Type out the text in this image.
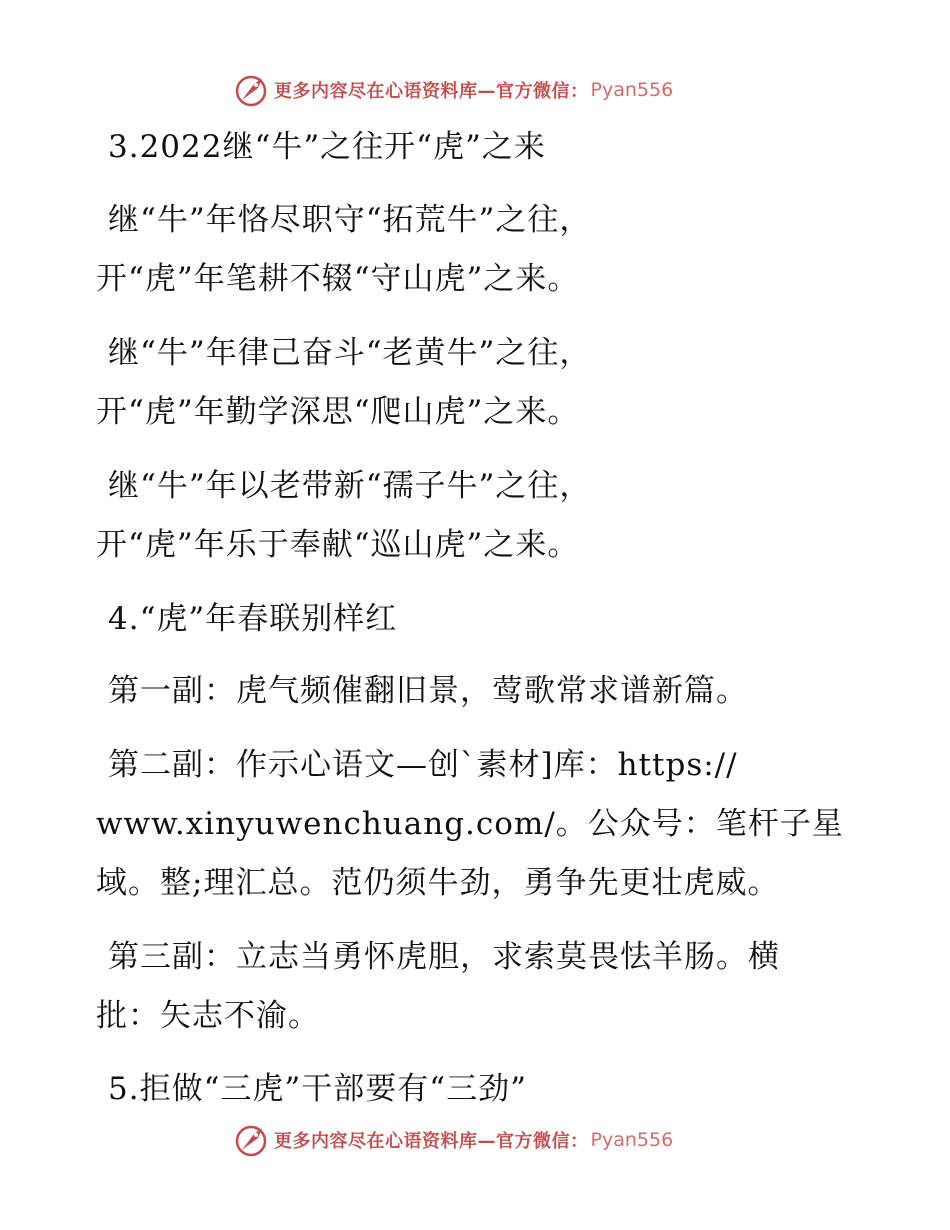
更多内容尽在心语资料库—官方微信： Pyan556
3.2022继“牛”之往开“虎”之来
继“牛”年恪尽职守“拓荒牛”之往，
开“虎”年笔耕不辍“守山虎”之来。
继“牛”年律己奋斗“老黄牛”之往，
开“虎”年勤学深思“爬山虎”之来。
继“牛”年以老带新“孺子牛”之往，
开“虎”年乐于奉献“巡山虎”之来。
4.“虎”年春联别样红
第一副：虎气频催翻旧景，莺歌常求谱新篇。
第二副：作示心语文—创`素材]库：https://
www.xinyuwenchuang.com/。公众号：笔杆子星
域。整;理汇总。范仍须牛劲，勇争先更壮虎威。
第三副：立志当勇怀虎胆，求索莫畏怯羊肠。横
批：矢志不渝。
5.拒做“三虎”干部要有“三劲”
更多内容尽在心语资料库—官方微信： Pyan556
